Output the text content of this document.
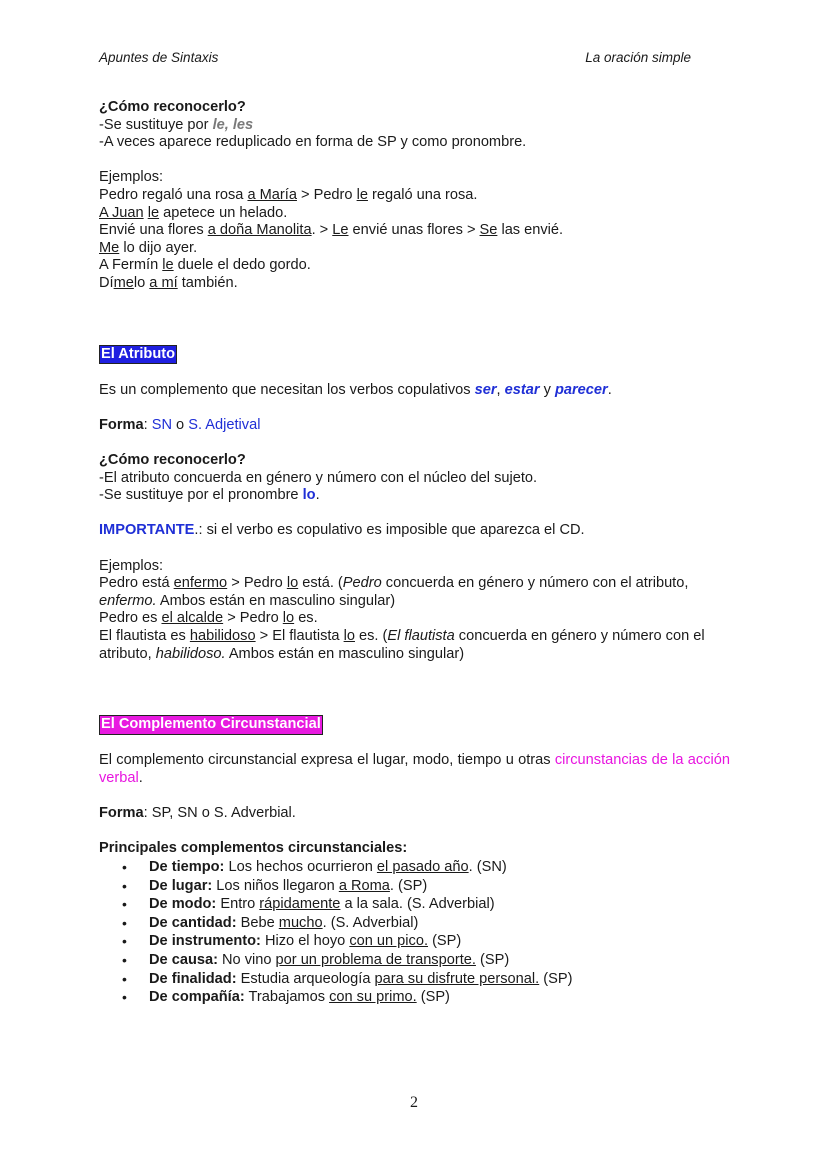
Apuntes de Sintaxis	La oración simple

¿Cómo reconocerlo?

-Se sustituye por le, les

-A veces aparece reduplicado en forma de SP y como pronombre.

Ejemplos:

Pedro regaló una rosa a María > Pedro le regaló una rosa.

A Juan le apetece un helado.

Envié una flores a doña Manolita. > Le envié unas flores > Se las envié.

Me lo dijo ayer.

A Fermín le duele el dedo gordo.

Dímelo a mí también.

El Atributo

Es un complemento que necesitan los verbos copulativos ser, estar y parecer.

Forma: SN o S. Adjetival

¿Cómo reconocerlo?

-El atributo concuerda en género y número con el núcleo del sujeto.

-Se sustituye por el pronombre lo.

IMPORTANTE.: si el verbo es copulativo es imposible que aparezca el CD.

Ejemplos:

Pedro está enfermo > Pedro lo está. (Pedro concuerda en género y número con el atributo, enfermo. Ambos están en masculino singular)

Pedro es el alcalde > Pedro lo es.

El flautista es habilidoso > El flautista lo es. (El flautista concuerda en género y número con el atributo, habilidoso. Ambos están en masculino singular)

El Complemento Circunstancial

El complemento circunstancial expresa el lugar, modo, tiempo u otras circunstancias de la acción verbal.

Forma: SP, SN o S. Adverbial.

Principales complementos circunstanciales:

• De tiempo: Los hechos ocurrieron el pasado año. (SN)
• De lugar: Los niños llegaron a Roma. (SP)
• De modo: Entro rápidamente a la sala. (S. Adverbial)
• De cantidad: Bebe mucho. (S. Adverbial)
• De instrumento: Hizo el hoyo con un pico. (SP)
• De causa: No vino por un problema de transporte. (SP)
• De finalidad: Estudia arqueología para su disfrute personal. (SP)
• De compañía: Trabajamos con su primo. (SP)
2
